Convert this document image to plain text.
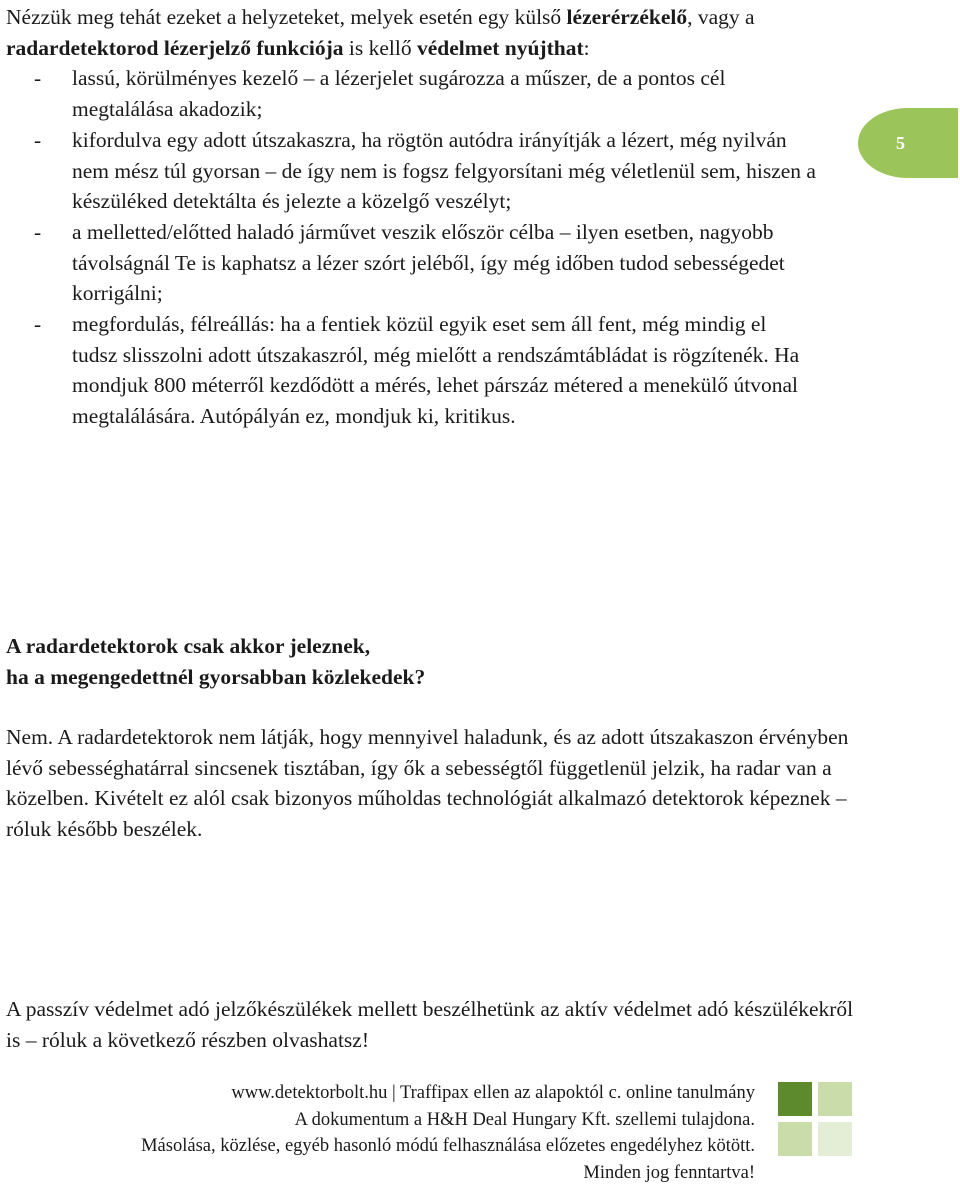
Nézzük meg tehát ezeket a helyzeteket, melyek esetén egy külső lézerérzékelő, vagy a radardetektorod lézerjelző funkciója is kellő védelmet nyújthat:

- lassú, körülményes kezelő – a lézerjelet sugározza a műszer, de a pontos cél megtalálása akadozik;
- kifordulva egy adott útszakaszra, ha rögtön autódra irányítják a lézert, még nyilván nem mész túl gyorsan – de így nem is fogsz felgyorsítani még véletlenül sem, hiszen a készüléked detektálta és jelezte a közelgő veszélyt;
- a melletted/előtted haladó járművet veszik először célba – ilyen esetben, nagyobb távolságnál Te is kaphatsz a lézer szórt jeléből, így még időben tudod sebességedet korrigálni;
- megfordulás, félreállás: ha a fentiek közül egyik eset sem áll fent, még mindig el tudsz slisszolni adott útszakaszról, még mielőtt a rendszámtábládat is rögzítenék. Ha mondjuk 800 méterről kezdődött a mérés, lehet párszáz métered a menekülő útvonal megtalálására. Autópályán ez, mondjuk ki, kritikus.
5
A radardetektorok csak akkor jeleznek,
ha a megengedettnél gyorsabban közlekedek?

Nem. A radardetektorok nem látják, hogy mennyivel haladunk, és az adott útszakaszon érvényben lévő sebességhatárral sincsenek tisztában, így ők a sebességtől függetlenül jelzik, ha radar van a közelben. Kivételt ez alól csak bizonyos műholdas technológiát alkalmazó detektorok képeznek – róluk később beszélek.

A passzív védelmet adó jelzőkészülékek mellett beszélhetünk az aktív védelmet adó készülékekről is – róluk a következő részben olvashatsz!

www.detektorbolt.hu | Traffipax ellen az alapoktól c. online tanulmány
A dokumentum a H&H Deal Hungary Kft. szellemi tulajdona.
Másolása, közlése, egyéb hasonló módú felhasználása előzetes engedélyhez kötött.
Minden jog fenntartva!
